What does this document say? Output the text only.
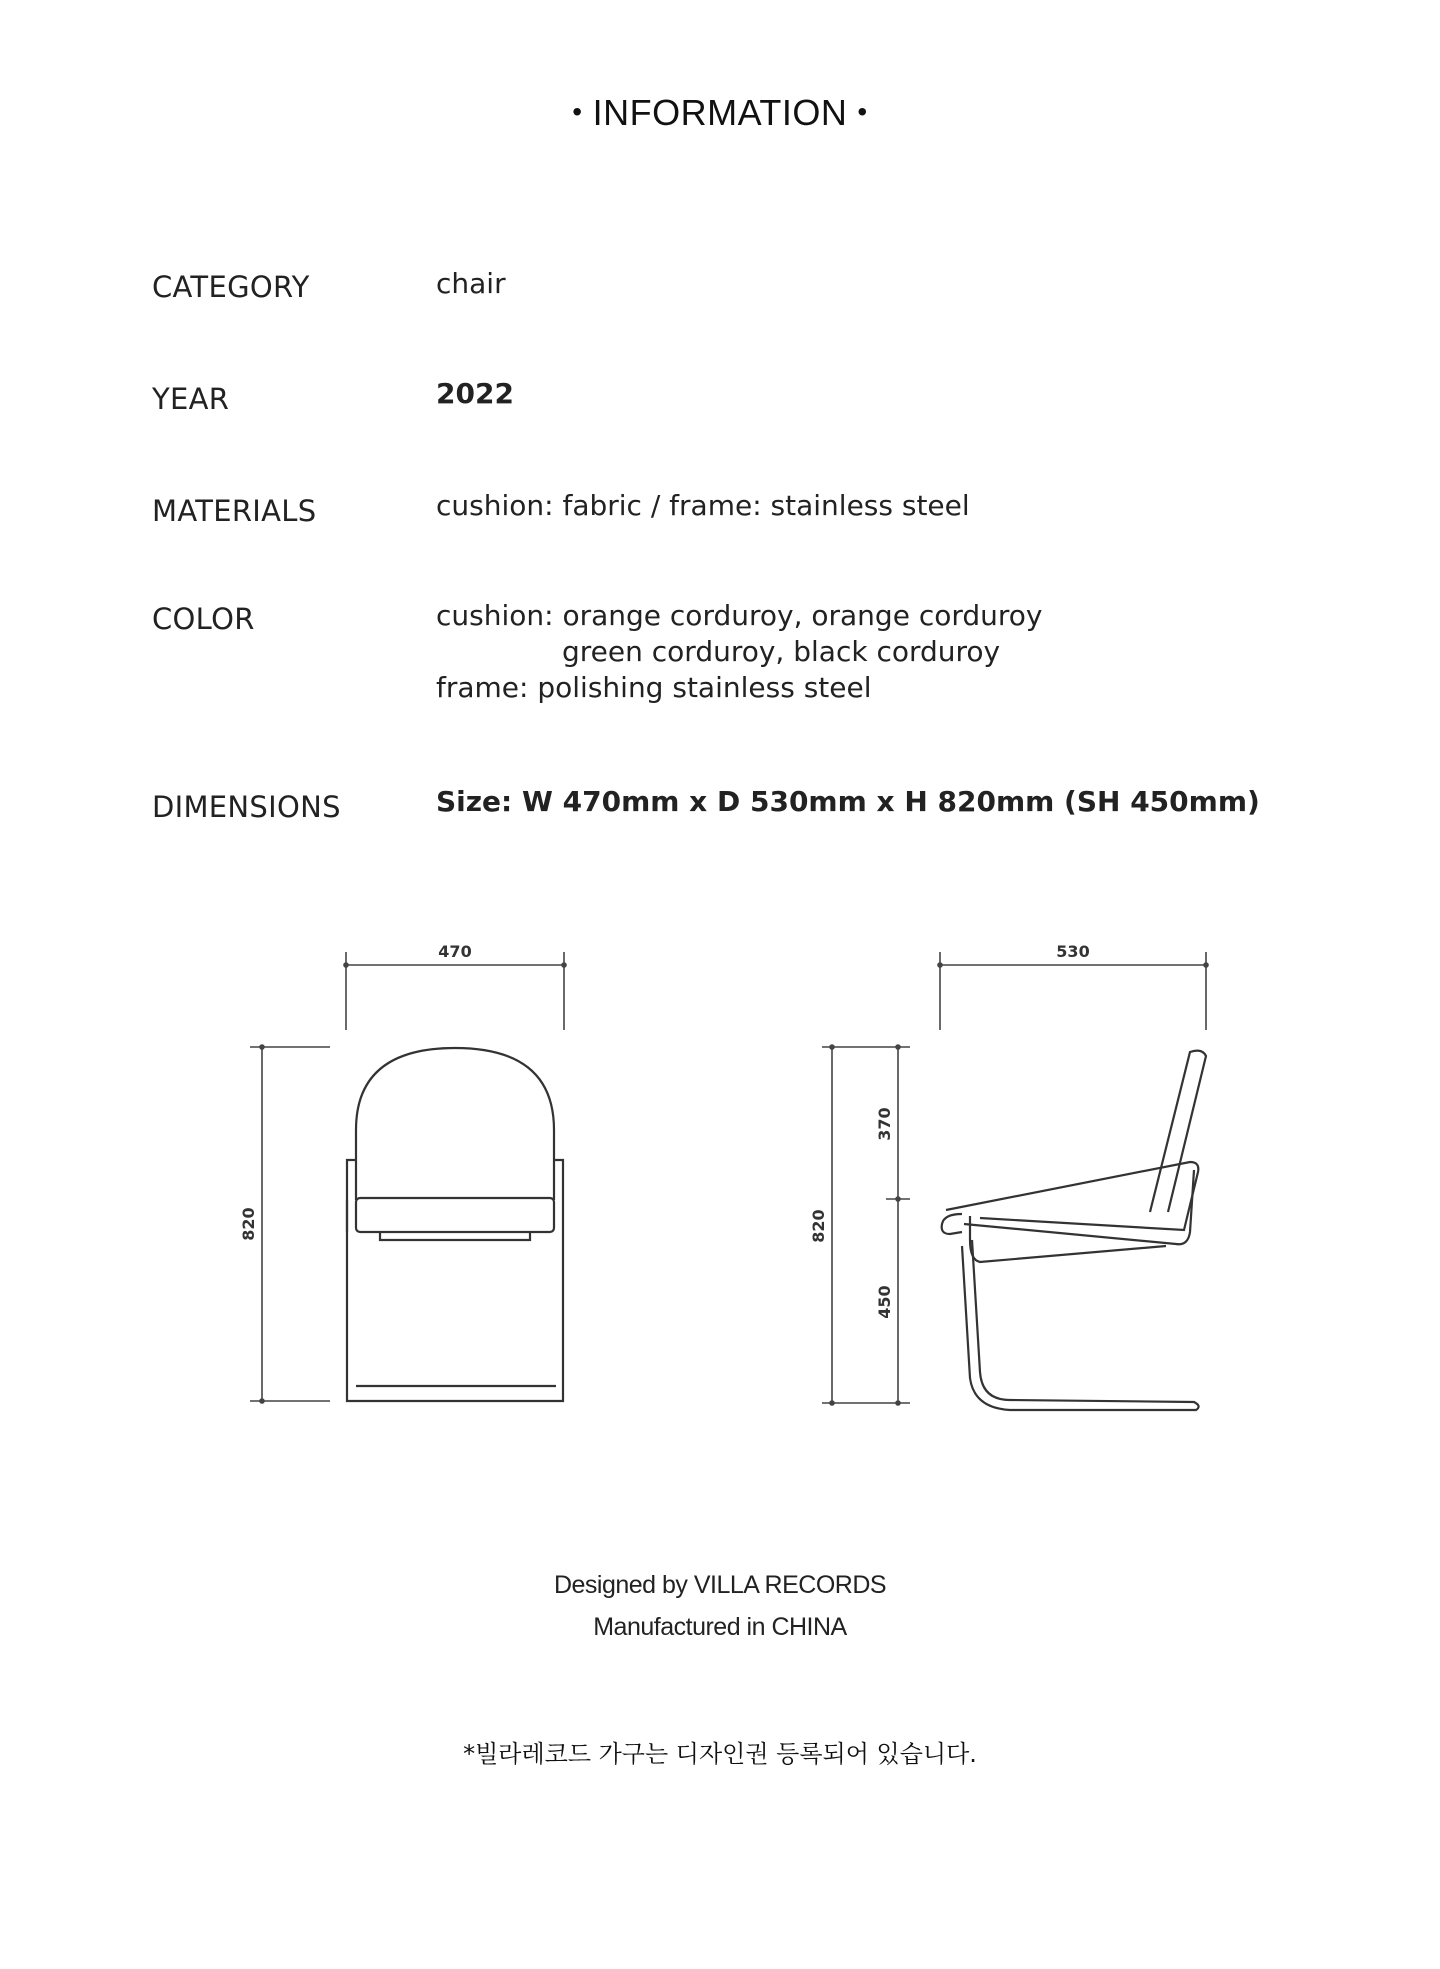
• INFORMATION •
CATEGORY	chair
YEAR	2022
MATERIALS	cushion: fabric / frame: stainless steel
COLOR	cushion: orange corduroy, orange corduroy
green corduroy, black corduroy
frame: polishing stainless steel
DIMENSIONS	Size: W 470mm x D 530mm x H 820mm (SH 450mm)
470
820
530
820
370
450
Designed by VILLA RECORDS
Manufactured in CHINA
*빌라레코드 가구는 디자인권 등록되어 있습니다.
